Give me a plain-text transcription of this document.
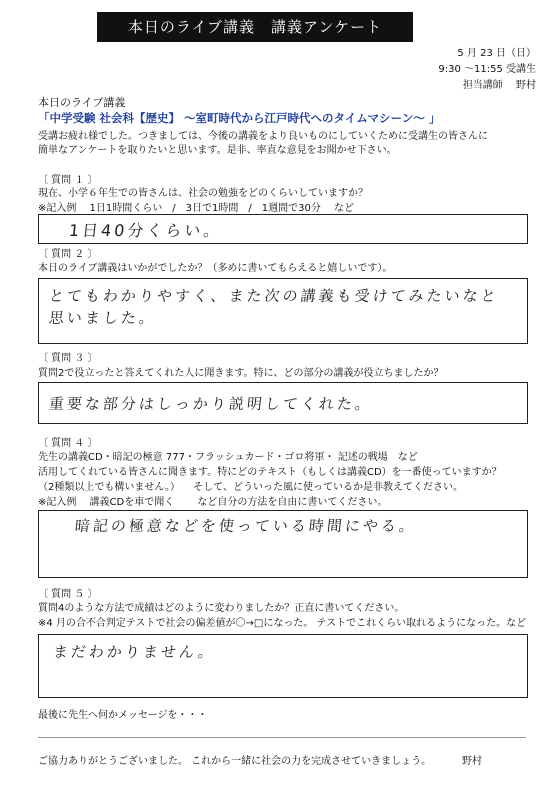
本日のライブ講義　講義アンケート
5 月 23 日（日）
9:30 〜11:55 受講生
担当講師　 野村
本日のライブ講義
「中学受験 社会科【歴史】 〜室町時代から江戸時代へのタイムマシーン〜 」
受講お疲れ様でした。つきましては、今後の講義をより良いものにしていくために受講生の皆さんに
簡単なアンケートを取りたいと思います。是非、率直な意見をお聞かせ下さい。
〔 質問 １ 〕
現在、小学６年生での皆さんは、社会の勉強をどのくらいしていますか？
※記入例　 1日1時間くらい　/　3日で1時間　/　1週間で30分　 など
1日40分くらい。
〔 質問 ２ 〕
本日のライブ講義はいかがでしたか？（多めに書いてもらえると嬉しいです）。
とてもわかりやすく、また次の講義も受けてみたいなと
思いました。
〔 質問 ３ 〕
質問2で役立ったと答えてくれた人に聞きます。特に、どの部分の講義が役立ちましたか？
重要な部分はしっかり説明してくれた。
〔 質問 ４ 〕
先生の講義CD・暗記の極意 777・フラッシュカード・ゴロ将軍・ 記述の戦場　など
活用してくれている皆さんに聞きます。特にどのテキスト（もしくは講義CD）を一番使っていますか？
（2種類以上でも構いません。） 　そして、どういった風に使っているか是非教えてください。
※記入例　 講義CDを車で聞く　　 など自分の方法を自由に書いてください。
暗記の極意などを使っている時間にやる。
〔 質問 ５ 〕
質問4のような方法で成績はどのように変わりましたか？正直に書いてください。
※4 月の合不合判定テストで社会の偏差値が〇→□になった。 テストでこれくらい取れるようになった。など
まだわかりません。
最後に先生へ何かメッセージを・・・
ご協力ありがとうございました。 これから一緒に社会の力を完成させていきましょう。	野村
